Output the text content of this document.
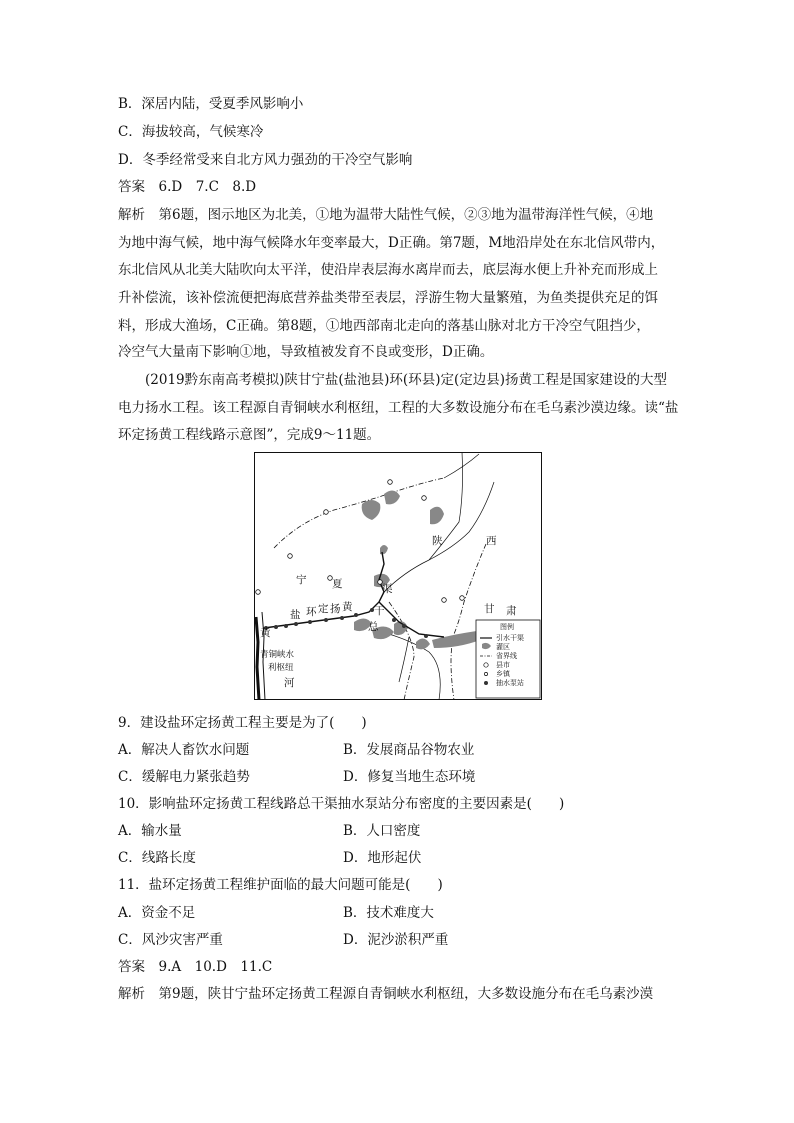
B．深居内陆，受夏季风影响小
C．海拔较高，气候寒冷
D．冬季经常受来自北方风力强劲的干冷空气影响
答案　6.D　7.C　8.D
解析　第6题，图示地区为北美，①地为温带大陆性气候，②③地为温带海洋性气候，④地
为地中海气候，地中海气候降水年变率最大，D正确。第7题，M地沿岸处在东北信风带内，
东北信风从北美大陆吹向太平洋，使沿岸表层海水离岸而去，底层海水便上升补充而形成上
升补偿流，该补偿流便把海底营养盐类带至表层，浮游生物大量繁殖，为鱼类提供充足的饵
料，形成大渔场，C正确。第8题，①地西部南北走向的落基山脉对北方干冷空气阻挡少，
冷空气大量南下影响①地，导致植被发育不良或变形，D正确。
(2019黔东南高考模拟)陕甘宁盐(盐池县)环(环县)定(定边县)扬黄工程是国家建设的大型
电力扬水工程。该工程源自青铜峡水利枢纽，工程的大多数设施分布在毛乌素沙漠边缘。读“盐
环定扬黄工程线路示意图”，完成9～11题。
陕	西
宁 夏
甘 肃
渠
干
总
黄
河
盐 环 定 扬 黄
青铜峡水
利枢纽
图例
引水干渠
灌区
省界线
县市
乡镇
抽水泵站
9．建设盐环定扬黄工程主要是为了(　　)
A．解决人畜饮水问题	B．发展商品谷物农业
C．缓解电力紧张趋势	D．修复当地生态环境
10．影响盐环定扬黄工程线路总干渠抽水泵站分布密度的主要因素是(　　)
A．输水量	B．人口密度
C．线路长度	D．地形起伏
11．盐环定扬黄工程维护面临的最大问题可能是(　　)
A．资金不足	B．技术难度大
C．风沙灾害严重	D．泥沙淤积严重
答案　9.A　10.D　11.C
解析　第9题，陕甘宁盐环定扬黄工程源自青铜峡水利枢纽，大多数设施分布在毛乌素沙漠
